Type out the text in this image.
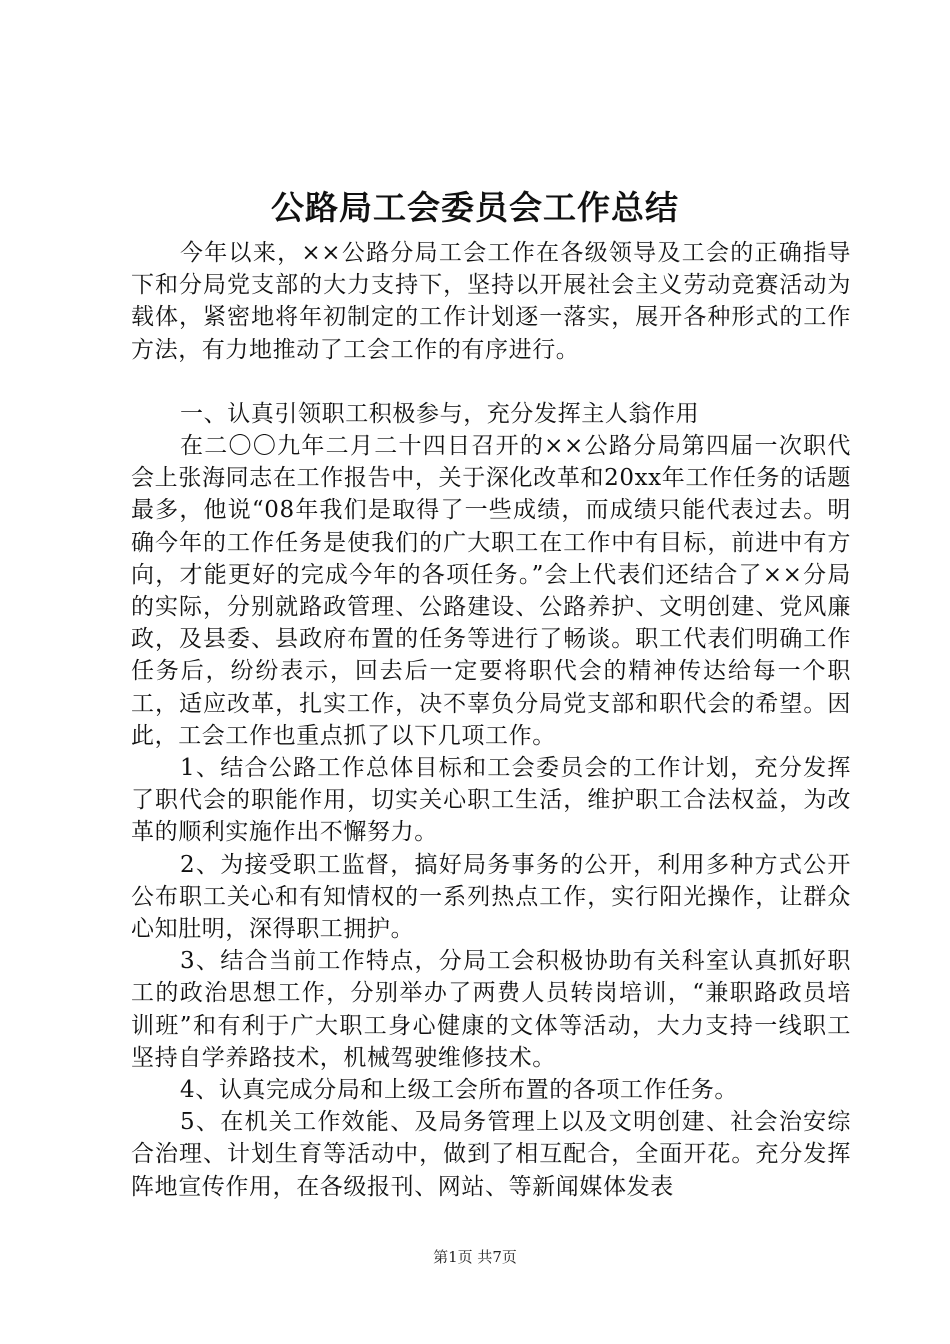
公路局工会委员会工作总结

今年以来，××公路分局工会工作在各级领导及工会的正确指导下和分局党支部的大力支持下，坚持以开展社会主义劳动竞赛活动为载体，紧密地将年初制定的工作计划逐一落实，展开各种形式的工作方法，有力地推动了工会工作的有序进行。

一、认真引领职工积极参与，充分发挥主人翁作用

在二〇〇九年二月二十四日召开的××公路分局第四届一次职代会上张海同志在工作报告中，关于深化改革和20xx年工作任务的话题最多，他说“08年我们是取得了一些成绩，而成绩只能代表过去。明确今年的工作任务是使我们的广大职工在工作中有目标，前进中有方向，才能更好的完成今年的各项任务。”会上代表们还结合了××分局的实际，分别就路政管理、公路建设、公路养护、文明创建、党风廉政，及县委、县政府布置的任务等进行了畅谈。职工代表们明确工作任务后，纷纷表示，回去后一定要将职代会的精神传达给每一个职工，适应改革，扎实工作，决不辜负分局党支部和职代会的希望。因此，工会工作也重点抓了以下几项工作。

1、结合公路工作总体目标和工会委员会的工作计划，充分发挥了职代会的职能作用，切实关心职工生活，维护职工合法权益，为改革的顺利实施作出不懈努力。

2、为接受职工监督，搞好局务事务的公开，利用多种方式公开公布职工关心和有知情权的一系列热点工作，实行阳光操作，让群众心知肚明，深得职工拥护。

3、结合当前工作特点，分局工会积极协助有关科室认真抓好职工的政治思想工作，分别举办了两费人员转岗培训，“兼职路政员培训班”和有利于广大职工身心健康的文体等活动，大力支持一线职工坚持自学养路技术，机械驾驶维修技术。

4、认真完成分局和上级工会所布置的各项工作任务。

5、在机关工作效能、及局务管理上以及文明创建、社会治安综合治理、计划生育等活动中，做到了相互配合，全面开花。充分发挥阵地宣传作用，在各级报刊、网站、等新闻媒体发表

第1页 共7页
